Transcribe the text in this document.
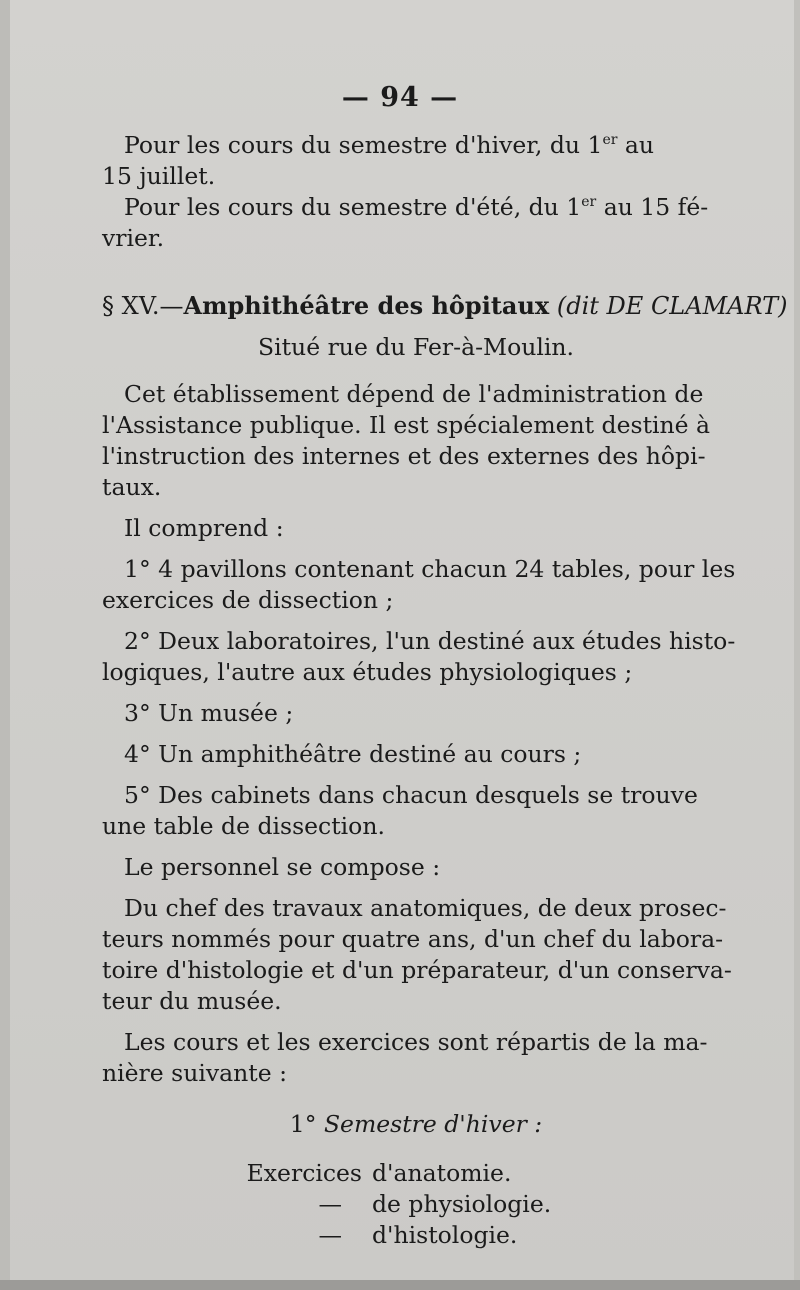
— 94 —
Pour les cours du semestre d'hiver, du 1er au
15 juillet.
Pour les cours du semestre d'été, du 1er au 15 fé-
vrier.
§ XV.—Amphithéâtre des hôpitaux (dit DE CLAMART)
Situé rue du Fer-à-Moulin.
Cet établissement dépend de l'administration de
l'Assistance publique. Il est spécialement destiné à
l'instruction des internes et des externes des hôpi-
taux.
Il comprend :
1° 4 pavillons contenant chacun 24 tables, pour les
exercices de dissection ;
2° Deux laboratoires, l'un destiné aux études histo-
logiques, l'autre aux études physiologiques ;
3° Un musée ;
4° Un amphithéâtre destiné au cours ;
5° Des cabinets dans chacun desquels se trouve
une table de dissection.
Le personnel se compose :
Du chef des travaux anatomiques, de deux prosec-
teurs nommés pour quatre ans, d'un chef du labora-
toire d'histologie et d'un préparateur, d'un conserva-
teur du musée.
Les cours et les exercices sont répartis de la ma-
nière suivante :
1° Semestre d'hiver :
Exercices d'anatomie.
—	de physiologie.
—	d'histologie.
